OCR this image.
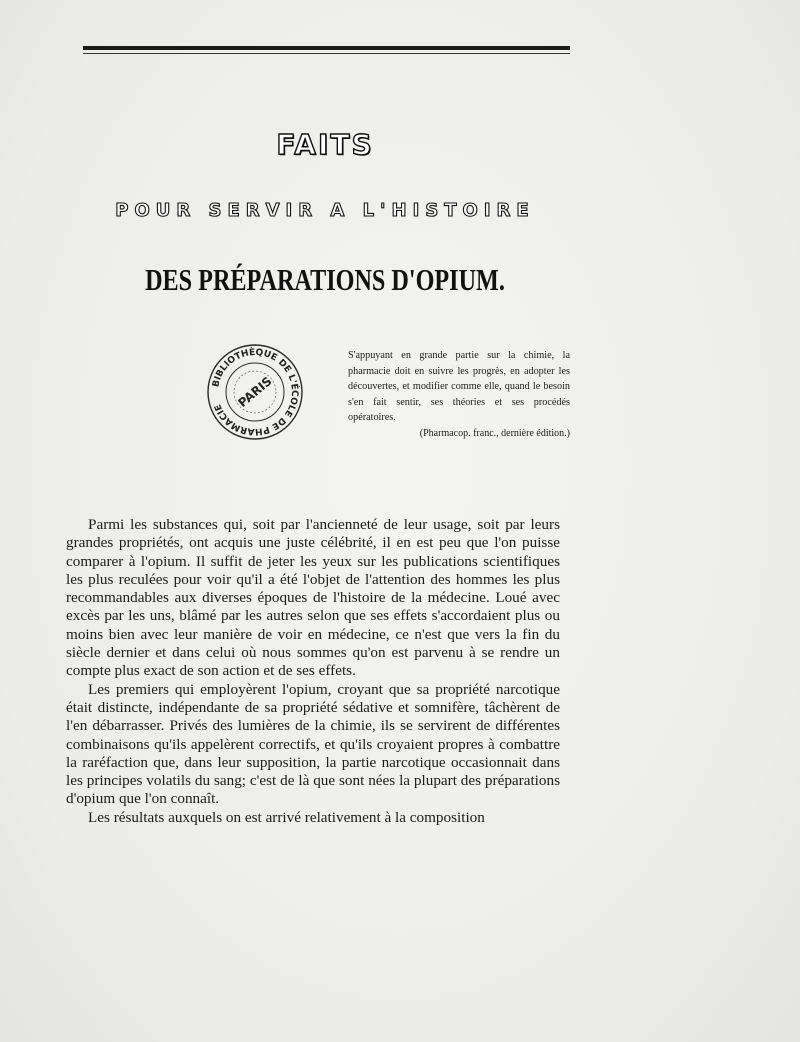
FAITS
POUR SERVIR A L'HISTOIRE
DES PRÉPARATIONS D'OPIUM.
BIBLIOTHÈQUE DE L'ÉCOLE DE PHARMACIE PARIS
S'appuyant en grande partie sur la chimie, la pharmacie doit en suivre les progrès, en adopter les découvertes, et modifier comme elle, quand le besoin s'en fait sentir, ses théories et ses procédés opératoires.
(Pharmacop. franc., dernière édition.)

Parmi les substances qui, soit par l'ancienneté de leur usage, soit par leurs grandes propriétés, ont acquis une juste célébrité, il en est peu que l'on puisse comparer à l'opium. Il suffit de jeter les yeux sur les publications scientifiques les plus reculées pour voir qu'il a été l'objet de l'attention des hommes les plus recommandables aux diverses époques de l'histoire de la médecine. Loué avec excès par les uns, blâmé par les autres selon que ses effets s'accordaient plus ou moins bien avec leur manière de voir en médecine, ce n'est que vers la fin du siècle dernier et dans celui où nous sommes qu'on est parvenu à se rendre un compte plus exact de son action et de ses effets.

Les premiers qui employèrent l'opium, croyant que sa propriété narcotique était distincte, indépendante de sa propriété sédative et somnifère, tâchèrent de l'en débarrasser. Privés des lumières de la chimie, ils se servirent de différentes combinaisons qu'ils appelèrent correctifs, et qu'ils croyaient propres à combattre la raréfaction que, dans leur supposition, la partie narcotique occasionnait dans les principes volatils du sang; c'est de là que sont nées la plupart des préparations d'opium que l'on connaît.

Les résultats auxquels on est arrivé relativement à la composition
